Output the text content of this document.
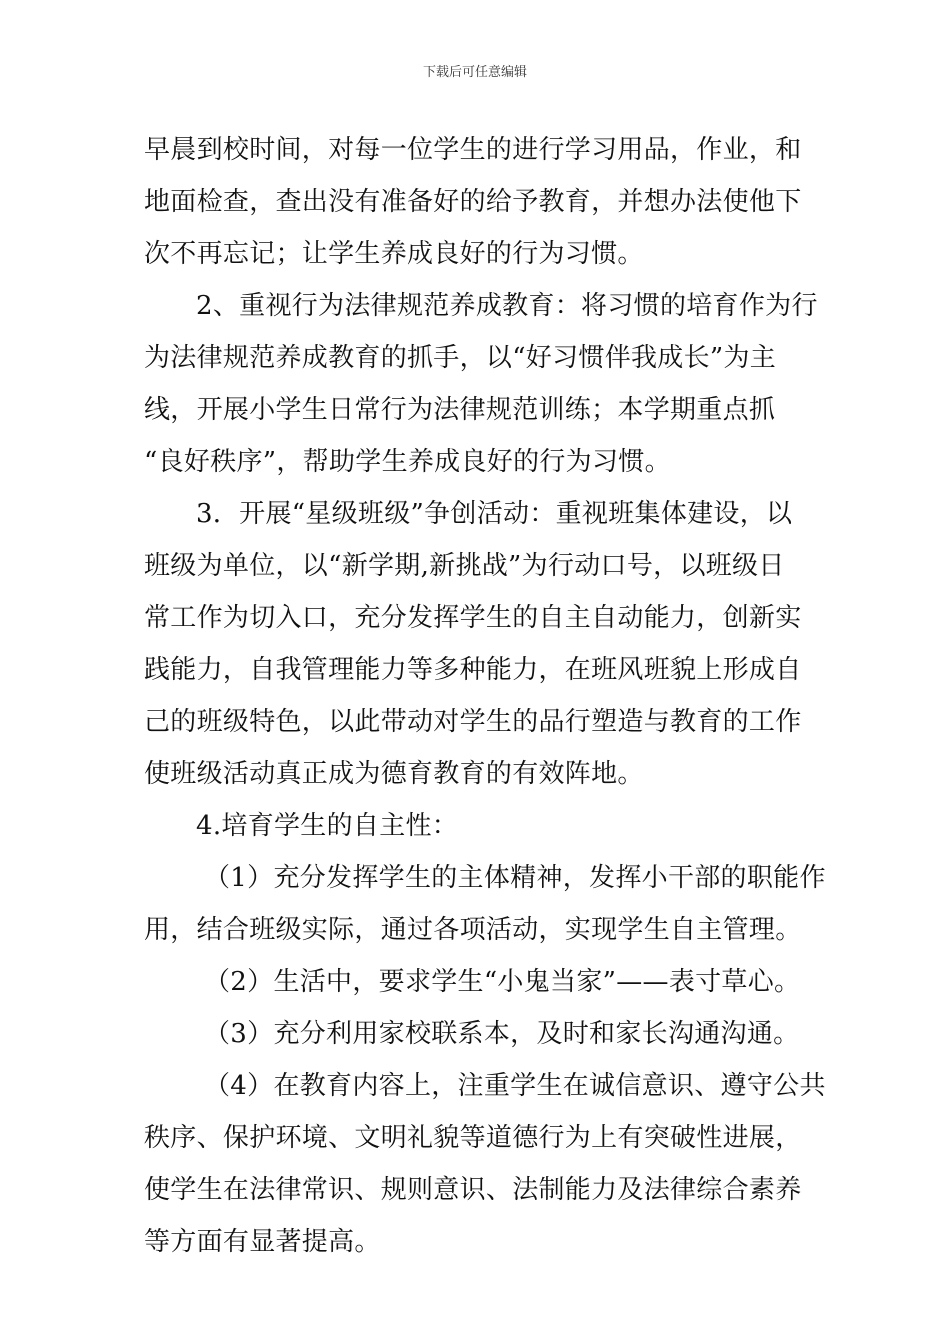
下载后可任意编辑
早晨到校时间，对每一位学生的进行学习用品，作业，和
地面检查，查出没有准备好的给予教育，并想办法使他下
次不再忘记；让学生养成良好的行为习惯。
2、重视行为法律规范养成教育：将习惯的培育作为行
为法律规范养成教育的抓手，以“好习惯伴我成长”为主
线，开展小学生日常行为法律规范训练；本学期重点抓
“良好秩序”，帮助学生养成良好的行为习惯。
3．开展“星级班级”争创活动：重视班集体建设，以
班级为单位，以“新学期,新挑战”为行动口号，以班级日
常工作为切入口，充分发挥学生的自主自动能力，创新实
践能力，自我管理能力等多种能力，在班风班貌上形成自
己的班级特色，以此带动对学生的品行塑造与教育的工作
使班级活动真正成为德育教育的有效阵地。
4.培育学生的自主性：
（1）充分发挥学生的主体精神，发挥小干部的职能作
用，结合班级实际，通过各项活动，实现学生自主管理。
（2）生活中，要求学生“小鬼当家”——表寸草心。
（3）充分利用家校联系本，及时和家长沟通沟通。
（4）在教育内容上，注重学生在诚信意识、遵守公共
秩序、保护环境、文明礼貌等道德行为上有突破性进展，
使学生在法律常识、规则意识、法制能力及法律综合素养
等方面有显著提高。
